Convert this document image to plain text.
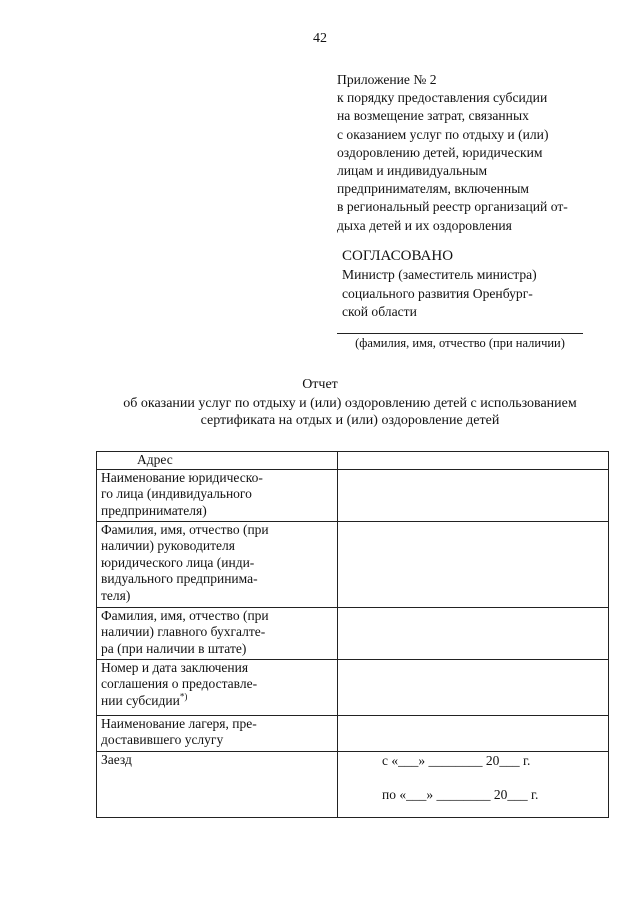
42
Приложение № 2
к порядку предоставления субсидии
на возмещение затрат, связанных
с оказанием услуг по отдыху и (или)
оздоровлению детей, юридическим
лицам и индивидуальным
предпринимателям, включенным
в региональный реестр организаций от-
дыха детей и их оздоровления
СОГЛАСОВАНО
Министр (заместитель министра)
социального развития Оренбург-
ской области
(фамилия, имя, отчество (при наличии)
Отчет
об оказании услуг по отдыху и (или) оздоровлению детей с использованием
сертификата на отдых и (или) оздоровление детей
Адрес	

Наименование юридическо-
го лица (индивидуального
предпринимателя)	

Фамилия, имя, отчество (при
наличии) руководителя
юридического лица (инди-
видуального предпринима-
теля)	

Фамилия, имя, отчество (при
наличии) главного бухгалте-
ра (при наличии в штате)	

Номер и дата заключения
соглашения о предоставле-
нии субсидии*)

Наименование лагеря, пре-
доставившего услугу	

Заезд	с «___» ________ 20___ г.
по «___» ________ 20___ г.
